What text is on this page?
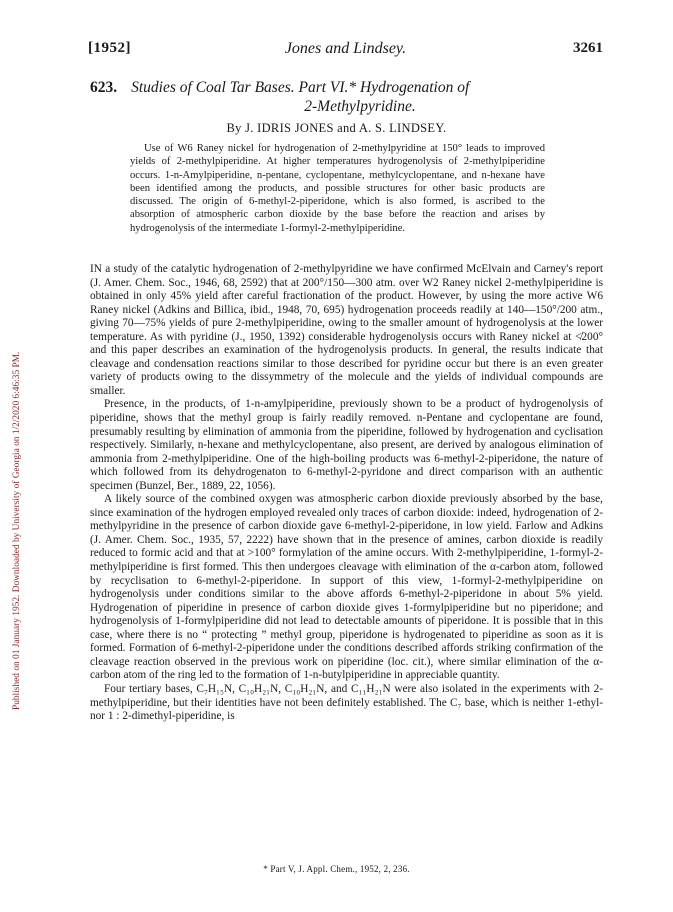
Published on 01 January 1952. Downloaded by University of Georgia on 1/2/2020 6:46:35 PM.
[1952]	Jones and Lindsey.	3261
623. Studies of Coal Tar Bases. Part VI.* Hydrogenation of
2-Methylpyridine.
By J. IDRIS JONES and A. S. LINDSEY.

Use of W6 Raney nickel for hydrogenation of 2-methylpyridine at 150° leads to improved yields of 2-methylpiperidine. At higher temperatures hydrogenolysis of 2-methylpiperidine occurs. 1-n-Amylpiperidine, n-pentane, cyclopentane, methylcyclopentane, and n-hexane have been identified among the products, and possible structures for other basic products are discussed. The origin of 6-methyl-2-piperidone, which is also formed, is ascribed to the absorption of atmospheric carbon dioxide by the base before the reaction and arises by hydrogenolysis of the intermediate 1-formyl-2-methylpiperidine.

IN a study of the catalytic hydrogenation of 2-methylpyridine we have confirmed McElvain and Carney's report (J. Amer. Chem. Soc., 1946, 68, 2592) that at 200°/150—300 atm. over W2 Raney nickel 2-methylpiperidine is obtained in only 45% yield after careful fractionation of the product. However, by using the more active W6 Raney nickel (Adkins and Billica, ibid., 1948, 70, 695) hydrogenation proceeds readily at 140—150°/200 atm., giving 70—75% yields of pure 2-methylpiperidine, owing to the smaller amount of hydrogenolysis at the lower temperature. As with pyridine (J., 1950, 1392) considerable hydrogenolysis occurs with Raney nickel at ≮200° and this paper describes an examination of the hydrogenolysis products. In general, the results indicate that cleavage and condensation reactions similar to those described for pyridine occur but there is an even greater variety of products owing to the dissymmetry of the molecule and the yields of individual compounds are smaller.

Presence, in the products, of 1-n-amylpiperidine, previously shown to be a product of hydrogenolysis of piperidine, shows that the methyl group is fairly readily removed. n-Pentane and cyclopentane are found, presumably resulting by elimination of ammonia from the piperidine, followed by hydrogenation and cyclisation respectively. Similarly, n-hexane and methylcyclopentane, also present, are derived by analogous elimination of ammonia from 2-methylpiperidine. One of the high-boiling products was 6-methyl-2-piperidone, the nature of which followed from its dehydrogenaton to 6-methyl-2-pyridone and direct comparison with an authentic specimen (Bunzel, Ber., 1889, 22, 1056).

A likely source of the combined oxygen was atmospheric carbon dioxide previously absorbed by the base, since examination of the hydrogen employed revealed only traces of carbon dioxide: indeed, hydrogenation of 2-methylpyridine in the presence of carbon dioxide gave 6-methyl-2-piperidone, in low yield. Farlow and Adkins (J. Amer. Chem. Soc., 1935, 57, 2222) have shown that in the presence of amines, carbon dioxide is readily reduced to formic acid and that at >100° formylation of the amine occurs. With 2-methylpiperidine, 1-formyl-2-methylpiperidine is first formed. This then undergoes cleavage with elimination of the α-carbon atom, followed by recyclisation to 6-methyl-2-piperidone. In support of this view, 1-formyl-2-methylpiperidine on hydrogenolysis under conditions similar to the above affords 6-methyl-2-piperidone in about 5% yield. Hydrogenation of piperidine in presence of carbon dioxide gives 1-formylpiperidine but no piperidone; and hydrogenolysis of 1-formylpiperidine did not lead to detectable amounts of piperidone. It is possible that in this case, where there is no “ protecting ” methyl group, piperidone is hydrogenated to piperidine as soon as it is formed. Formation of 6-methyl-2-piperidone under the conditions described affords striking confirmation of the cleavage reaction observed in the previous work on piperidine (loc. cit.), where similar elimination of the α-carbon atom of the ring led to the formation of 1-n-butylpiperidine in appreciable quantity.

Four tertiary bases, C₇H₁₅N, C₁₀H₂₁N, C₁₀H₂₁N, and C₁₁H₂₁N were also isolated in the experiments with 2-methylpiperidine, but their identities have not been definitely established. The C₇ base, which is neither 1-ethyl- nor 1 : 2-dimethyl-piperidine, is

* Part V, J. Appl. Chem., 1952, 2, 236.
